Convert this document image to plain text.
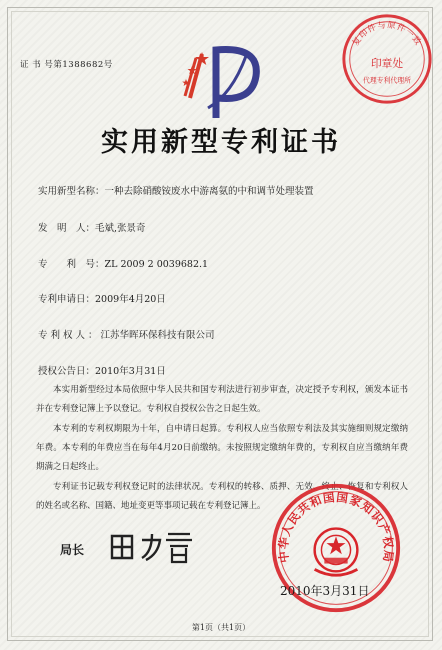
证 书 号第1388682号
复印件与原件一致
印章处
代理专利代理所
实用新型专利证书
实用新型名称：一种去除硝酸铵废水中游离氨的中和调节处理装置
发　明　人：毛斌,张景奇
专　　利　号：ZL 2009 2 0039682.1
专利申请日：2009年4月20日
专利权人：江苏华晖环保科技有限公司
授权公告日：2010年3月31日
本实用新型经过本局依照中华人民共和国专利法进行初步审查，决定授予专利权，颁发本证书并在专利登记簿上予以登记。专利权自授权公告之日起生效。
本专利的专利权期限为十年，自申请日起算。专利权人应当依照专利法及其实施细则规定缴纳年费。本专利的年费应当在每年4月20日前缴纳。未按照规定缴纳年费的，专利权自应当缴纳年费期满之日起终止。
专利证书记载专利权登记时的法律状况。专利权的转移、质押、无效、终止、恢复和专利权人的姓名或名称、国籍、地址变更等事项记载在专利登记簿上。
局长	中华人民共和国国家知识产权局
2010年3月31日
第1页（共1页）
